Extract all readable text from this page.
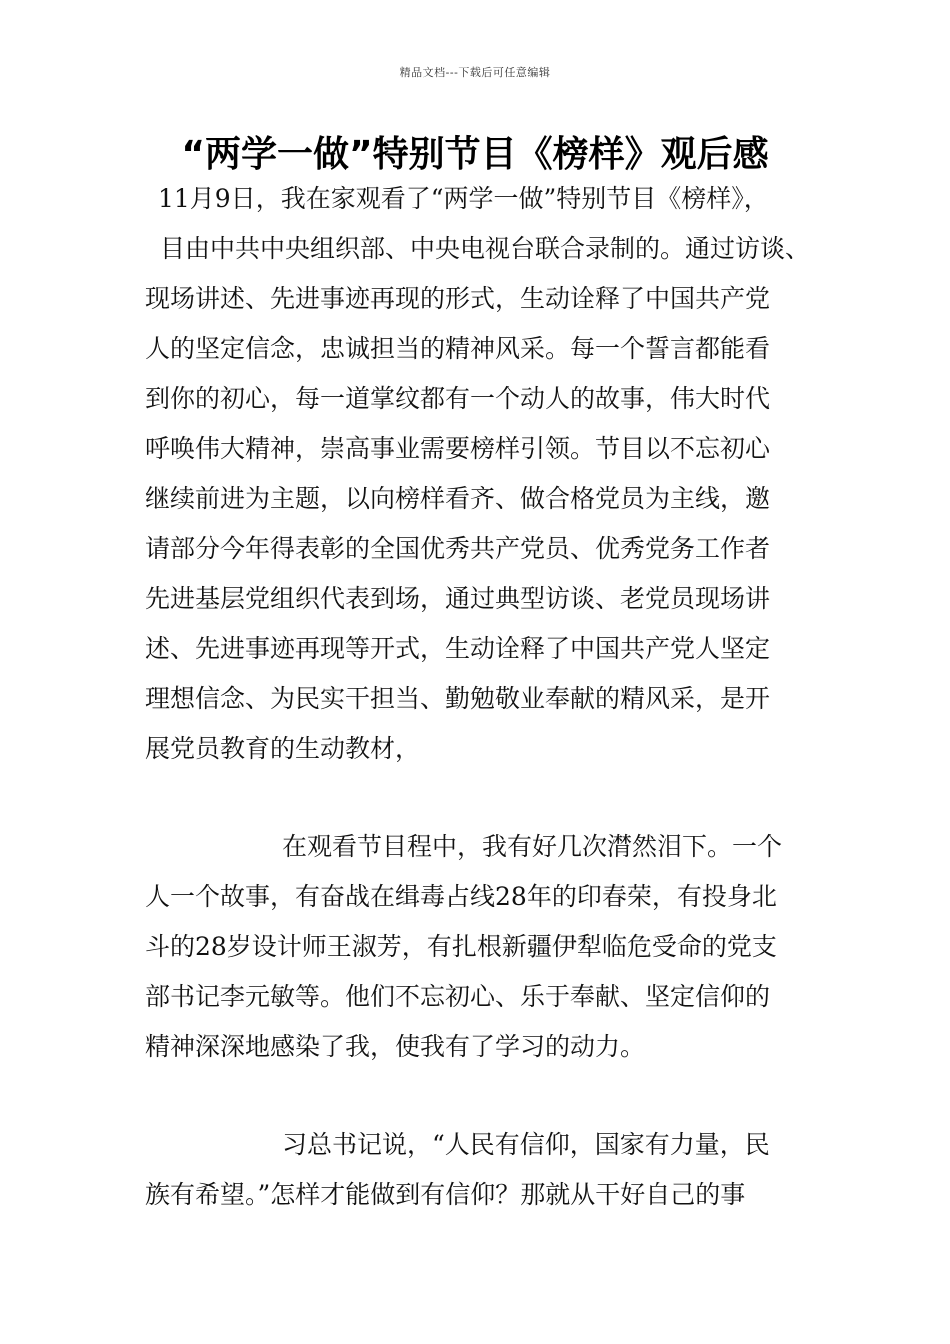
精品文档---下载后可任意编辑
“两学一做”特别节目《榜样》观后感
11月9日，我在家观看了“两学一做”特别节目《榜样》，
目由中共中央组织部、中央电视台联合录制的。通过访谈、
现场讲述、先进事迹再现的形式，生动诠释了中国共产党
人的坚定信念，忠诚担当的精神风采。每一个誓言都能看
到你的初心，每一道掌纹都有一个动人的故事，伟大时代
呼唤伟大精神，崇高事业需要榜样引领。节目以不忘初心
继续前进为主题，以向榜样看齐、做合格党员为主线，邀
请部分今年得表彰的全国优秀共产党员、优秀党务工作者
先进基层党组织代表到场，通过典型访谈、老党员现场讲
述、先进事迹再现等开式，生动诠释了中国共产党人坚定
理想信念、为民实干担当、勤勉敬业奉献的精风采，是开
展党员教育的生动教材，
在观看节目程中，我有好几次潸然泪下。一个
人一个故事，有奋战在缉毒占线28年的印春荣，有投身北
斗的28岁设计师王淑芳，有扎根新疆伊犁临危受命的党支
部书记李元敏等。他们不忘初心、乐于奉献、坚定信仰的
精神深深地感染了我，使我有了学习的动力。
习总书记说，“人民有信仰，国家有力量，民
族有希望。”怎样才能做到有信仰？那就从干好自己的事
